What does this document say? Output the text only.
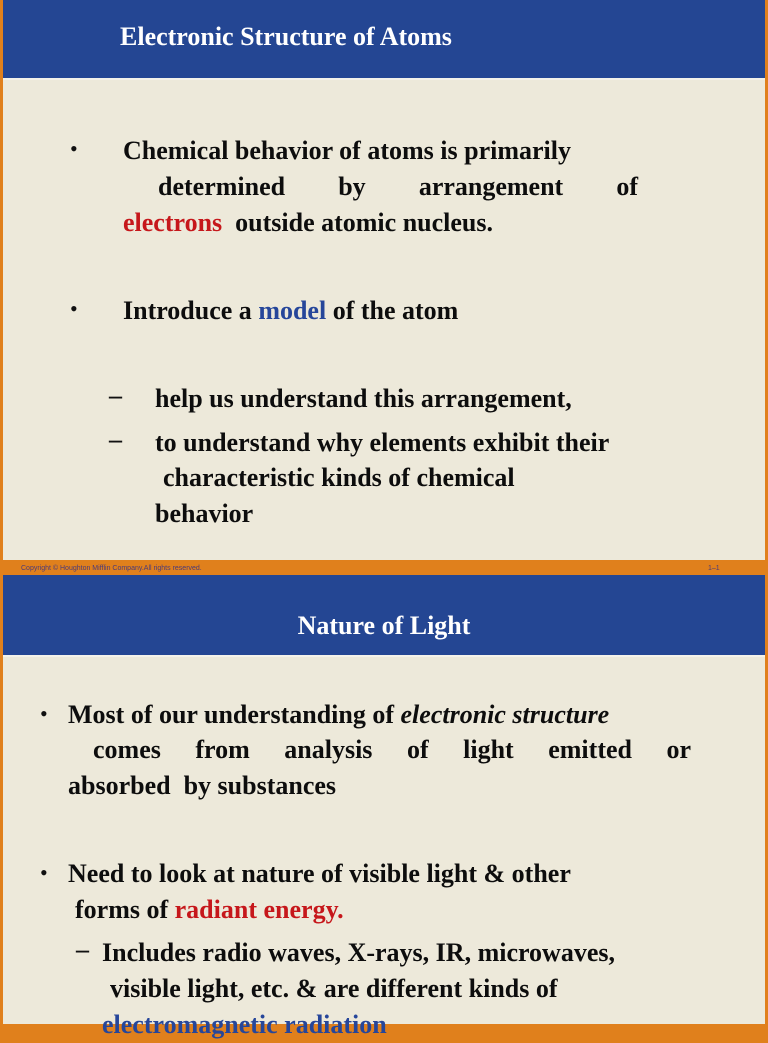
Electronic Structure of Atoms
• Chemical behavior of atoms is primarily
determined by arrangement of
electrons outside atomic nucleus.
• Introduce a model of the atom
– help us understand this arrangement,
– to understand why elements exhibit their
characteristic kinds of chemical
behavior
Copyright © Houghton Mifflin Company.All rights reserved.	1–1
Nature of Light
• Most of our understanding of electronic structure
comes from analysis of light emitted or
absorbed  by substances
• Need to look at nature of visible light & other
forms of radiant energy.
– Includes radio waves, X-rays, IR, microwaves,
visible light, etc. & are different kinds of
electromagnetic radiation
